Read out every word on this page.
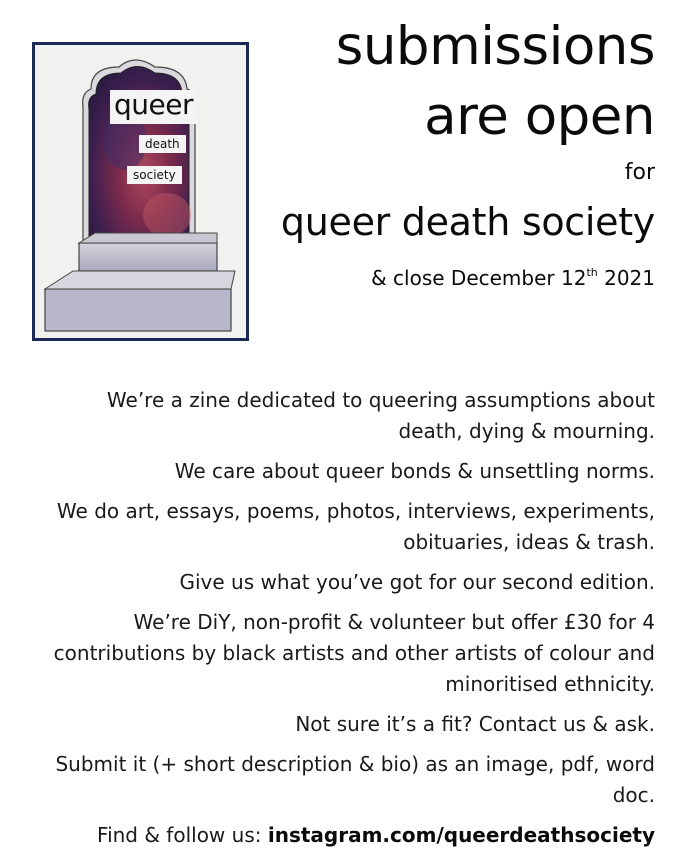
queer
death
society
submissions
are open
for
queer death society
& close December 12th 2021

We’re a zine dedicated to queering assumptions about death, dying & mourning.

We care about queer bonds & unsettling norms.

We do art, essays, poems, photos, interviews, experiments, obituaries, ideas & trash.

Give us what you’ve got for our second edition.

We’re DiY, non-profit & volunteer but offer £30 for 4 contributions by black artists and other artists of colour and minoritised ethnicity.

Not sure it’s a fit? Contact us & ask.

Submit it (+ short description & bio) as an image, pdf, word doc.

Find & follow us: instagram.com/queerdeathsociety
